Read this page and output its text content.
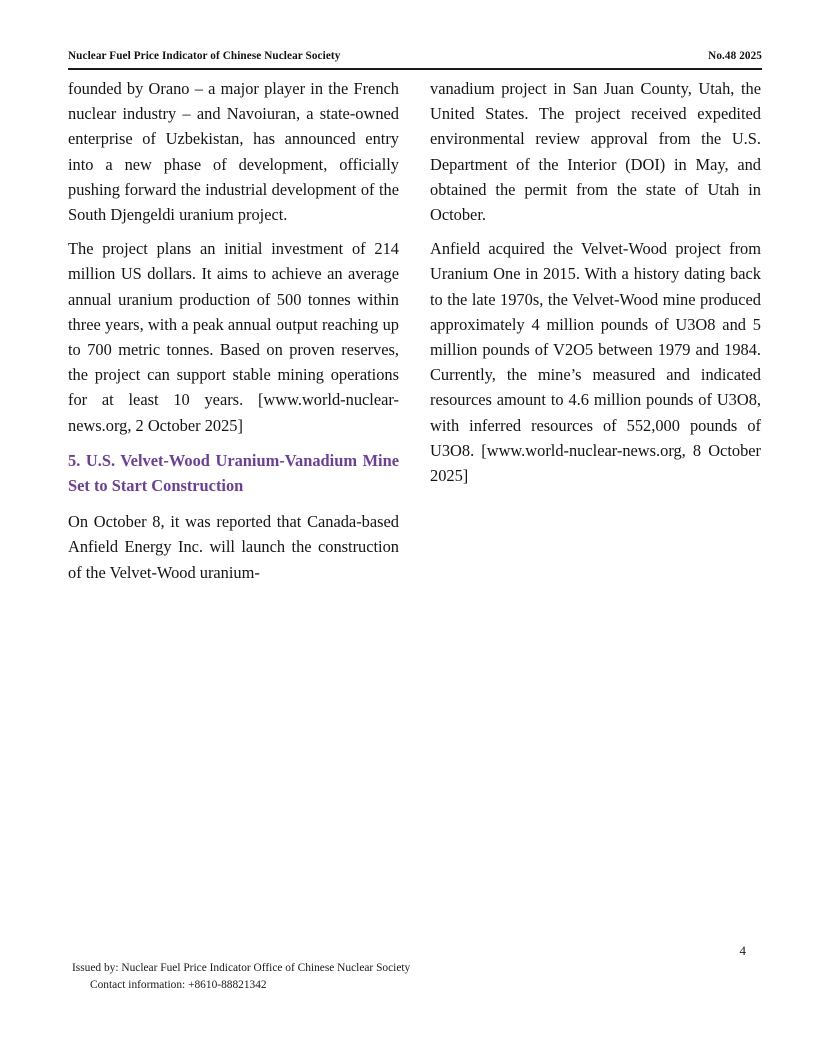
Nuclear Fuel Price Indicator of Chinese Nuclear Society	No.48 2025

founded by Orano – a major player in the French nuclear industry – and Navoiuran, a state-owned enterprise of Uzbekistan, has announced entry into a new phase of development, officially pushing forward the industrial development of the South Djengeldi uranium project.

The project plans an initial investment of 214 million US dollars. It aims to achieve an average annual uranium production of 500 tonnes within three years, with a peak annual output reaching up to 700 metric tonnes. Based on proven reserves, the project can support stable mining operations for at least 10 years. [www.world-nuclear-news.org, 2 October 2025]

5. U.S. Velvet-Wood Uranium-Vanadium Mine Set to Start Construction

On October 8, it was reported that Canada-based Anfield Energy Inc. will launch the construction of the Velvet-Wood uranium-

vanadium project in San Juan County, Utah, the United States. The project received expedited environmental review approval from the U.S. Department of the Interior (DOI) in May, and obtained the permit from the state of Utah in October.

Anfield acquired the Velvet-Wood project from Uranium One in 2015. With a history dating back to the late 1970s, the Velvet-Wood mine produced approximately 4 million pounds of U3O8 and 5 million pounds of V2O5 between 1979 and 1984. Currently, the mine’s measured and indicated resources amount to 4.6 million pounds of U3O8, with inferred resources of 552,000 pounds of U3O8. [www.world-nuclear-news.org, 8 October 2025]

4

Issued by: Nuclear Fuel Price Indicator Office of Chinese Nuclear Society

Contact information: +8610-88821342
